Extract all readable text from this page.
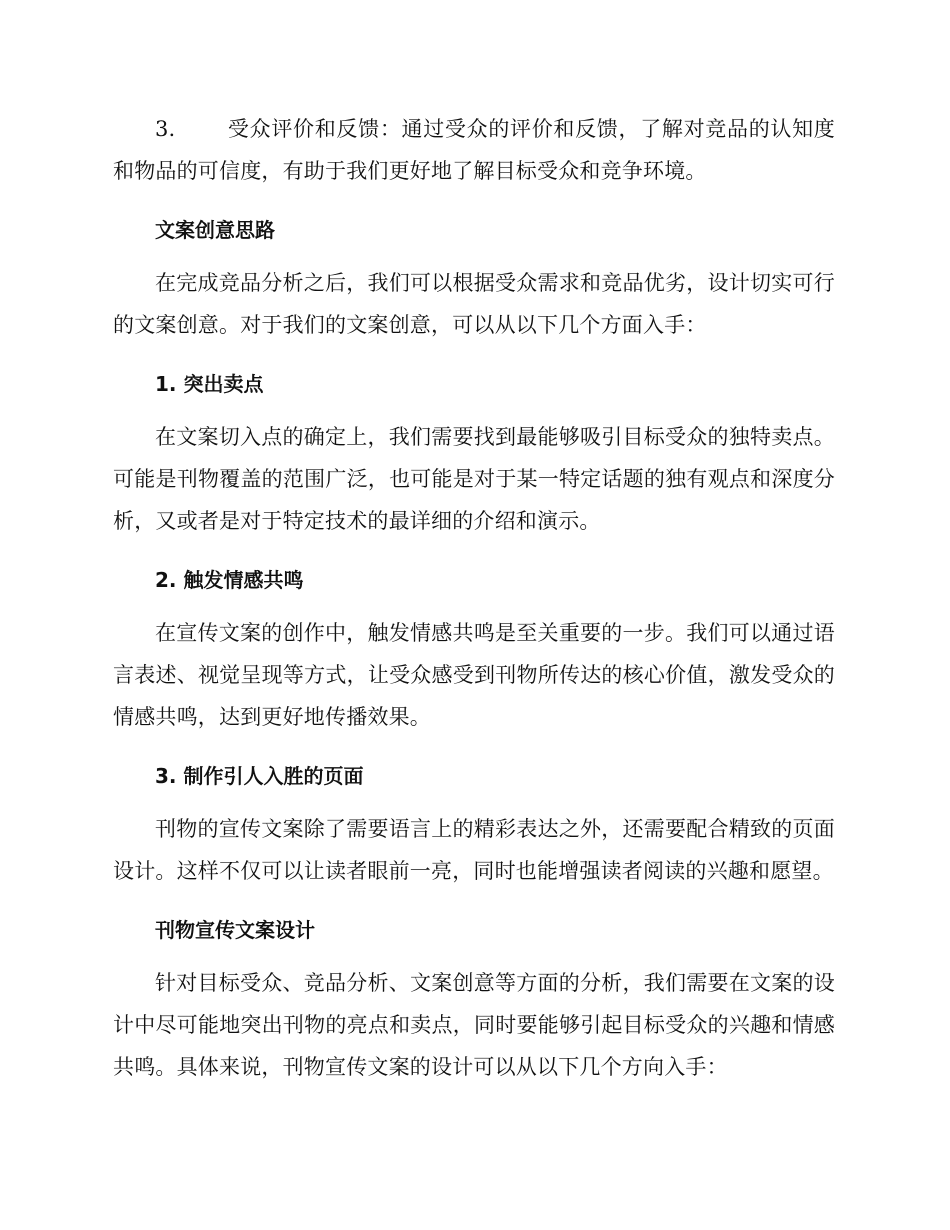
3. 受众评价和反馈：通过受众的评价和反馈，了解对竞品的认知度和物品的可信度，有助于我们更好地了解目标受众和竞争环境。

文案创意思路

在完成竞品分析之后，我们可以根据受众需求和竞品优劣，设计切实可行的文案创意。对于我们的文案创意，可以从以下几个方面入手：

1. 突出卖点

在文案切入点的确定上，我们需要找到最能够吸引目标受众的独特卖点。可能是刊物覆盖的范围广泛，也可能是对于某一特定话题的独有观点和深度分析，又或者是对于特定技术的最详细的介绍和演示。

2. 触发情感共鸣

在宣传文案的创作中，触发情感共鸣是至关重要的一步。我们可以通过语言表述、视觉呈现等方式，让受众感受到刊物所传达的核心价值，激发受众的情感共鸣，达到更好地传播效果。

3. 制作引人入胜的页面

刊物的宣传文案除了需要语言上的精彩表达之外，还需要配合精致的页面设计。这样不仅可以让读者眼前一亮，同时也能增强读者阅读的兴趣和愿望。

刊物宣传文案设计

针对目标受众、竞品分析、文案创意等方面的分析，我们需要在文案的设计中尽可能地突出刊物的亮点和卖点，同时要能够引起目标受众的兴趣和情感共鸣。具体来说，刊物宣传文案的设计可以从以下几个方向入手：
